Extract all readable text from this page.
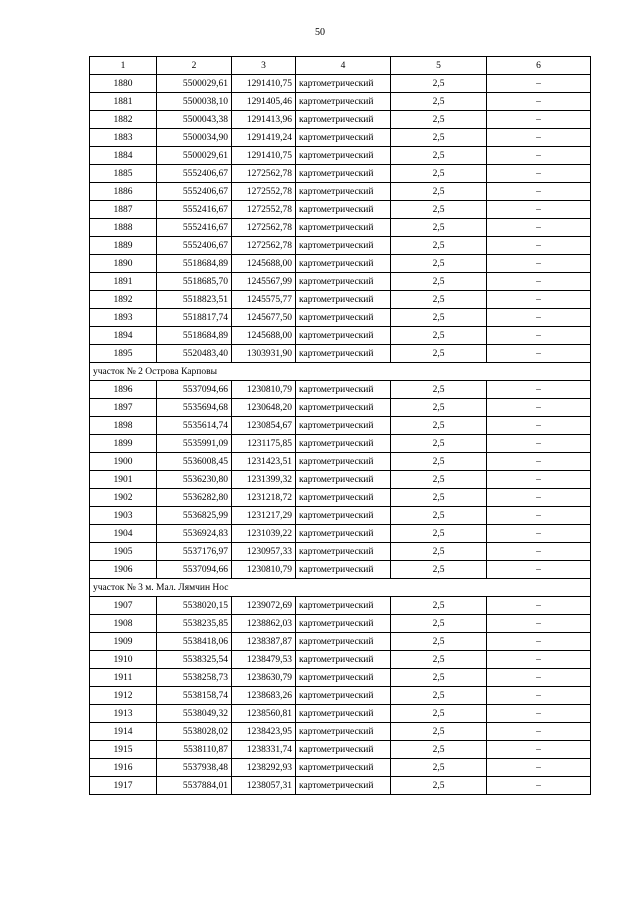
50
1	2	3	4	5	6
1880	5500029,61	1291410,75	картометрический	2,5	–
1881	5500038,10	1291405,46	картометрический	2,5	–
1882	5500043,38	1291413,96	картометрический	2,5	–
1883	5500034,90	1291419,24	картометрический	2,5	–
1884	5500029,61	1291410,75	картометрический	2,5	–
1885	5552406,67	1272562,78	картометрический	2,5	–
1886	5552406,67	1272552,78	картометрический	2,5	–
1887	5552416,67	1272552,78	картометрический	2,5	–
1888	5552416,67	1272562,78	картометрический	2,5	–
1889	5552406,67	1272562,78	картометрический	2,5	–
1890	5518684,89	1245688,00	картометрический	2,5	–
1891	5518685,70	1245567,99	картометрический	2,5	–
1892	5518823,51	1245575,77	картометрический	2,5	–
1893	5518817,74	1245677,50	картометрический	2,5	–
1894	5518684,89	1245688,00	картометрический	2,5	–
1895	5520483,40	1303931,90	картометрический	2,5	–
участок № 2 Острова Карповы					
1896	5537094,66	1230810,79	картометрический	2,5	–
1897	5535694,68	1230648,20	картометрический	2,5	–
1898	5535614,74	1230854,67	картометрический	2,5	–
1899	5535991,09	1231175,85	картометрический	2,5	–
1900	5536008,45	1231423,51	картометрический	2,5	–
1901	5536230,80	1231399,32	картометрический	2,5	–
1902	5536282,80	1231218,72	картометрический	2,5	–
1903	5536825,99	1231217,29	картометрический	2,5	–
1904	5536924,83	1231039,22	картометрический	2,5	–
1905	5537176,97	1230957,33	картометрический	2,5	–
1906	5537094,66	1230810,79	картометрический	2,5	–
участок № 3 м. Мал. Лямчин Нос					
1907	5538020,15	1239072,69	картометрический	2,5	–
1908	5538235,85	1238862,03	картометрический	2,5	–
1909	5538418,06	1238387,87	картометрический	2,5	–
1910	5538325,54	1238479,53	картометрический	2,5	–
1911	5538258,73	1238630,79	картометрический	2,5	–
1912	5538158,74	1238683,26	картометрический	2,5	–
1913	5538049,32	1238560,81	картометрический	2,5	–
1914	5538028,02	1238423,95	картометрический	2,5	–
1915	5538110,87	1238331,74	картометрический	2,5	–
1916	5537938,48	1238292,93	картометрический	2,5	–
1917	5537884,01	1238057,31	картометрический	2,5	–
